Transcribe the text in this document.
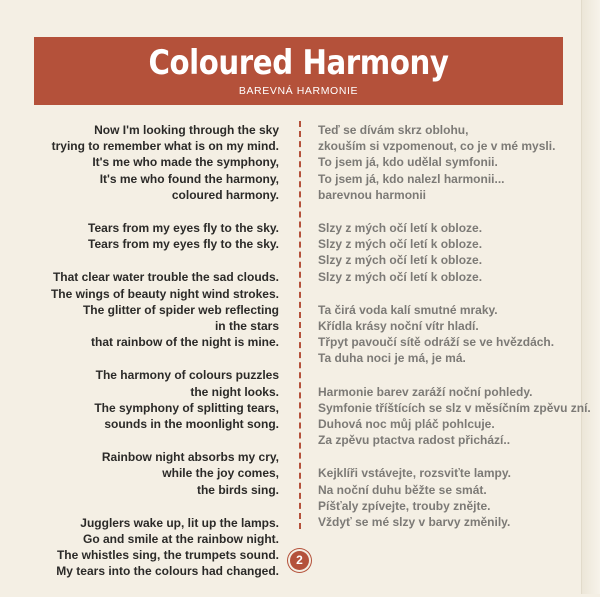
Coloured Harmony
BAREVNÁ HARMONIE
Now I'm looking through the sky
trying to remember what is on my mind.
It's me who made the symphony,
It's me who found the harmony,
coloured harmony.
Tears from my eyes fly to the sky.
Tears from my eyes fly to the sky.
That clear water trouble the sad clouds.
The wings of beauty night wind strokes.
The glitter of spider web reflecting
in the stars
that rainbow of the night is mine.
The harmony of colours puzzles
the night looks.
The symphony of splitting tears,
sounds in the moonlight song.
Rainbow night absorbs my cry,
while the joy comes,
the birds sing.
Jugglers wake up, lit up the lamps.
Go and smile at the rainbow night.
The whistles sing, the trumpets sound.
My tears into the colours had changed.
Teď se dívám skrz oblohu,
zkouším si vzpomenout, co je v mé mysli.
To jsem já, kdo udělal symfonii.
To jsem já, kdo nalezl harmonii...
barevnou harmonii
Slzy z mých očí letí k obloze.
Slzy z mých očí letí k obloze.
Slzy z mých očí letí k obloze.
Slzy z mých očí letí k obloze.
Ta čirá voda kalí smutné mraky.
Křídla krásy noční vítr hladí.
Třpyt pavoučí sítě odráží se ve hvězdách.
Ta duha noci je má, je má.
Harmonie barev zaráží noční pohledy.
Symfonie tříštících se slz v měsíčním zpěvu zní.
Duhová noc můj pláč pohlcuje.
Za zpěvu ptactva radost přichází..
Kejklíři vstávejte, rozsviťte lampy.
Na noční duhu běžte se smát.
Píšťaly zpívejte, trouby znějte.
Vždyť se mé slzy v barvy změnily.
2
